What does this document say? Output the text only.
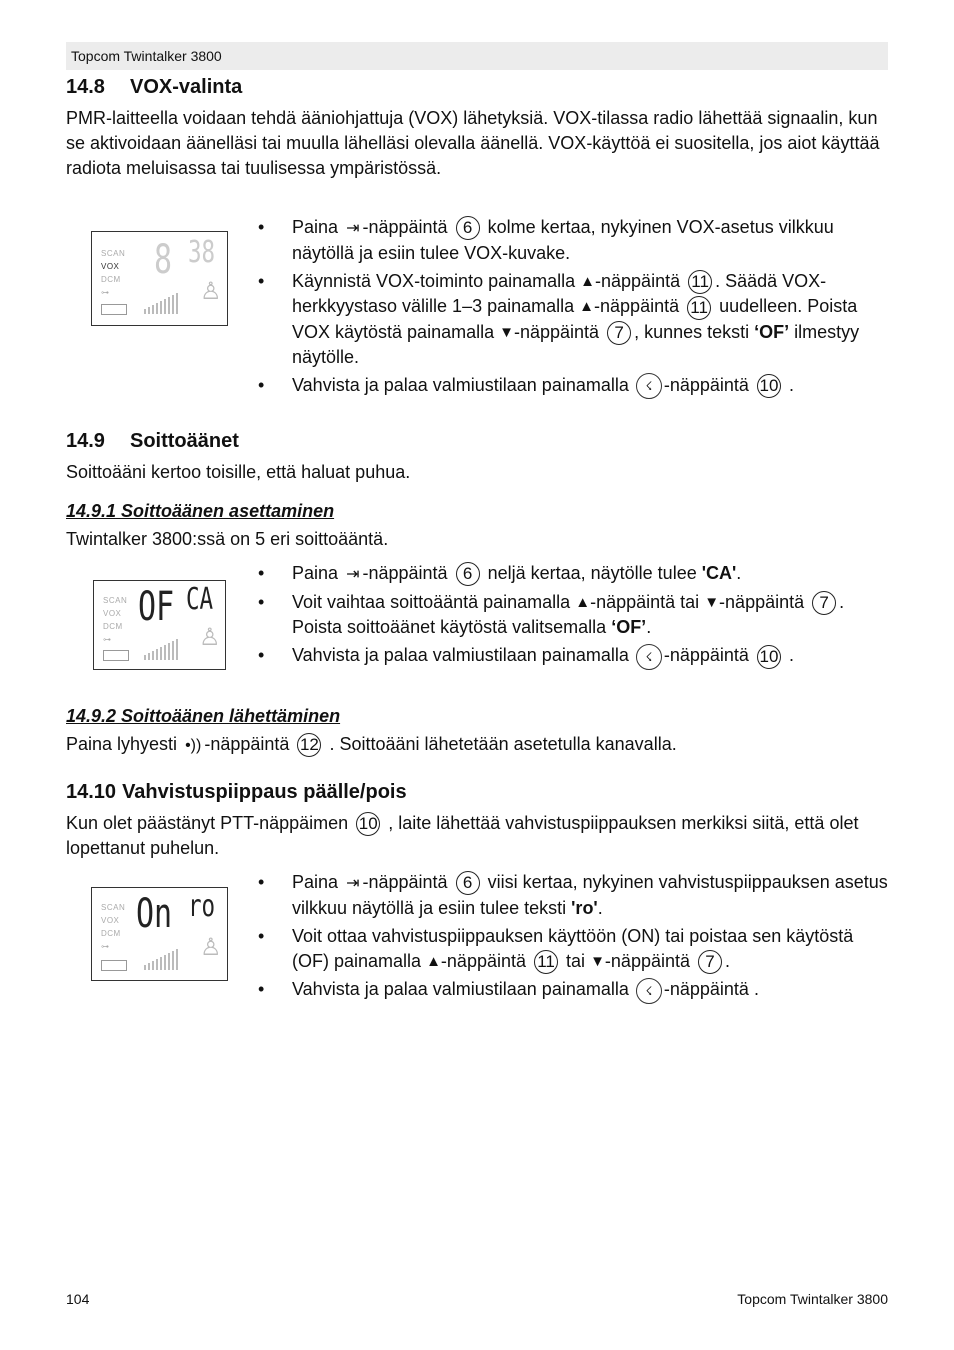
Topcom Twintalker 3800
14.8 VOX-valinta
PMR-laitteella voidaan tehdä ääniohjattuja (VOX) lähetyksiä. VOX-tilassa radio lähettää signaalin, kun se aktivoidaan äänelläsi tai muulla lähelläsi olevalla äänellä. VOX-käyttöä ei suositella, jos aiot käyttää radiota meluisassa tai tuulisessa ympäristössä.
SCAN
VOX
DCM
⊶
8 38
♙
• Paina ⇥ -näppäintä 6 kolme kertaa, nykyinen VOX-asetus vilkkuu näytöllä ja esiin tulee VOX-kuvake.
• Käynnistä VOX-toiminto painamalla ▲-näppäintä 11 . Säädä VOX-herkkyystaso välille 1–3 painamalla ▲-näppäintä 11 uudelleen. Poista VOX käytöstä painamalla ▼-näppäintä 7 , kunnes teksti ‘OF’ ilmestyy näytölle.
• Vahvista ja palaa valmiustilaan painamalla ☇ -näppäintä 10 .
14.9 Soittoäänet
Soittoääni kertoo toisille, että haluat puhua.
14.9.1 Soittoäänen asettaminen
Twintalker 3800:ssä on 5 eri soittoääntä.
SCAN
VOX
DCM
⊶
OF CA
♙
• Paina ⇥ -näppäintä 6 neljä kertaa, näytölle tulee 'CA'.
• Voit vaihtaa soittoääntä painamalla ▲-näppäintä tai ▼-näppäintä 7 . Poista soittoäänet käytöstä valitsemalla ‘OF’.
• Vahvista ja palaa valmiustilaan painamalla ☇ -näppäintä 10 .
14.9.2 Soittoäänen lähettäminen
Paina lyhyesti •)) -näppäintä 12 . Soittoääni lähetetään asetetulla kanavalla.
14.10 Vahvistuspiippaus päälle/pois
Kun olet päästänyt PTT-näppäimen 10 , laite lähettää vahvistuspiippauksen merkiksi siitä, että olet lopettanut puhelun.
SCAN
VOX
DCM
⊶
On ro
♙
• Paina ⇥ -näppäintä 6 viisi kertaa, nykyinen vahvistuspiippauksen asetus vilkkuu näytöllä ja esiin tulee teksti 'ro'.
• Voit ottaa vahvistuspiippauksen käyttöön (ON) tai poistaa sen käytöstä (OF) painamalla ▲-näppäintä 11 tai ▼-näppäintä 7 .
• Vahvista ja palaa valmiustilaan painamalla ☇ -näppäintä .
104	Topcom Twintalker 3800
